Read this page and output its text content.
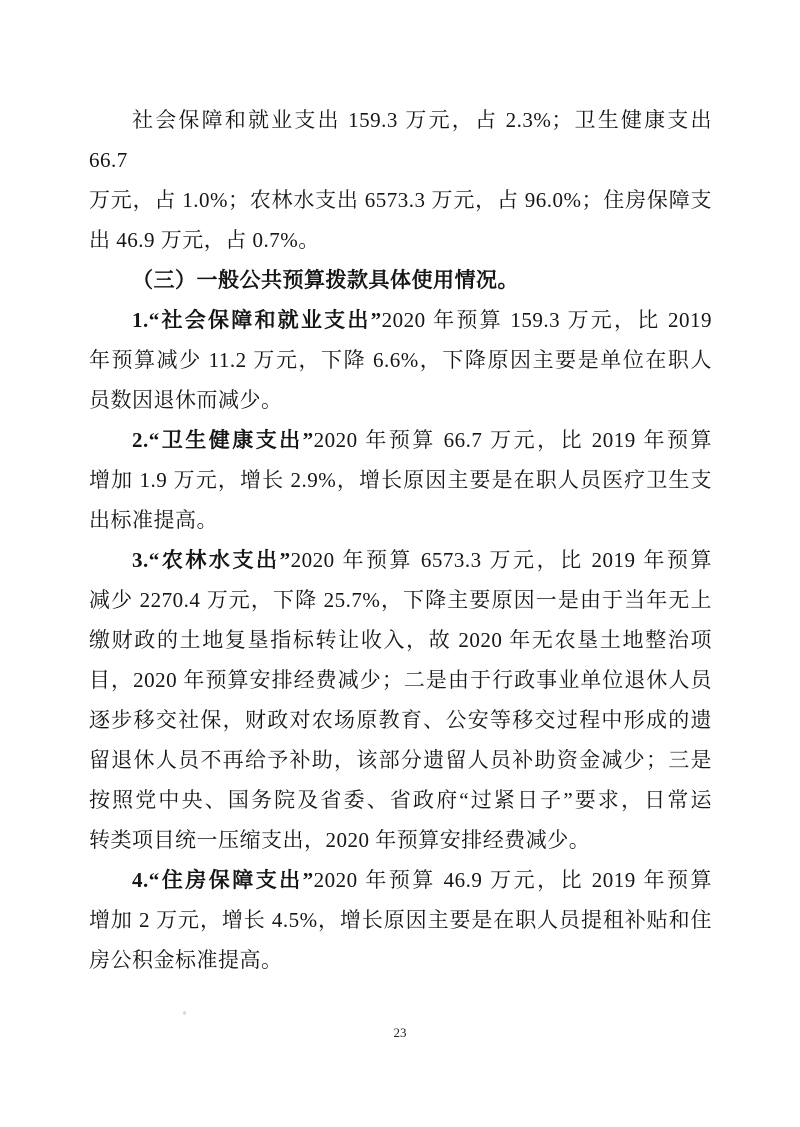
社会保障和就业支出 159.3 万元，占 2.3%；卫生健康支出 66.7
万元，占 1.0%；农林水支出 6573.3 万元，占 96.0%；住房保障支
出 46.9 万元，占 0.7%。
（三）一般公共预算拨款具体使用情况。
1.“社会保障和就业支出”2020 年预算 159.3 万元，比 2019
年预算减少 11.2 万元，下降 6.6%，下降原因主要是单位在职人
员数因退休而减少。
2.“卫生健康支出”2020 年预算 66.7 万元，比 2019 年预算
增加 1.9 万元，增长 2.9%，增长原因主要是在职人员医疗卫生支
出标准提高。
3.“农林水支出”2020 年预算 6573.3 万元，比 2019 年预算
减少 2270.4 万元，下降 25.7%，下降主要原因一是由于当年无上
缴财政的土地复垦指标转让收入，故 2020 年无农垦土地整治项
目，2020 年预算安排经费减少；二是由于行政事业单位退休人员
逐步移交社保，财政对农场原教育、公安等移交过程中形成的遗
留退休人员不再给予补助，该部分遗留人员补助资金减少；三是
按照党中央、国务院及省委、省政府“过紧日子”要求，日常运
转类项目统一压缩支出，2020 年预算安排经费减少。
4.“住房保障支出”2020 年预算 46.9 万元，比 2019 年预算
增加 2 万元，增长 4.5%，增长原因主要是在职人员提租补贴和住
房公积金标准提高。
23
